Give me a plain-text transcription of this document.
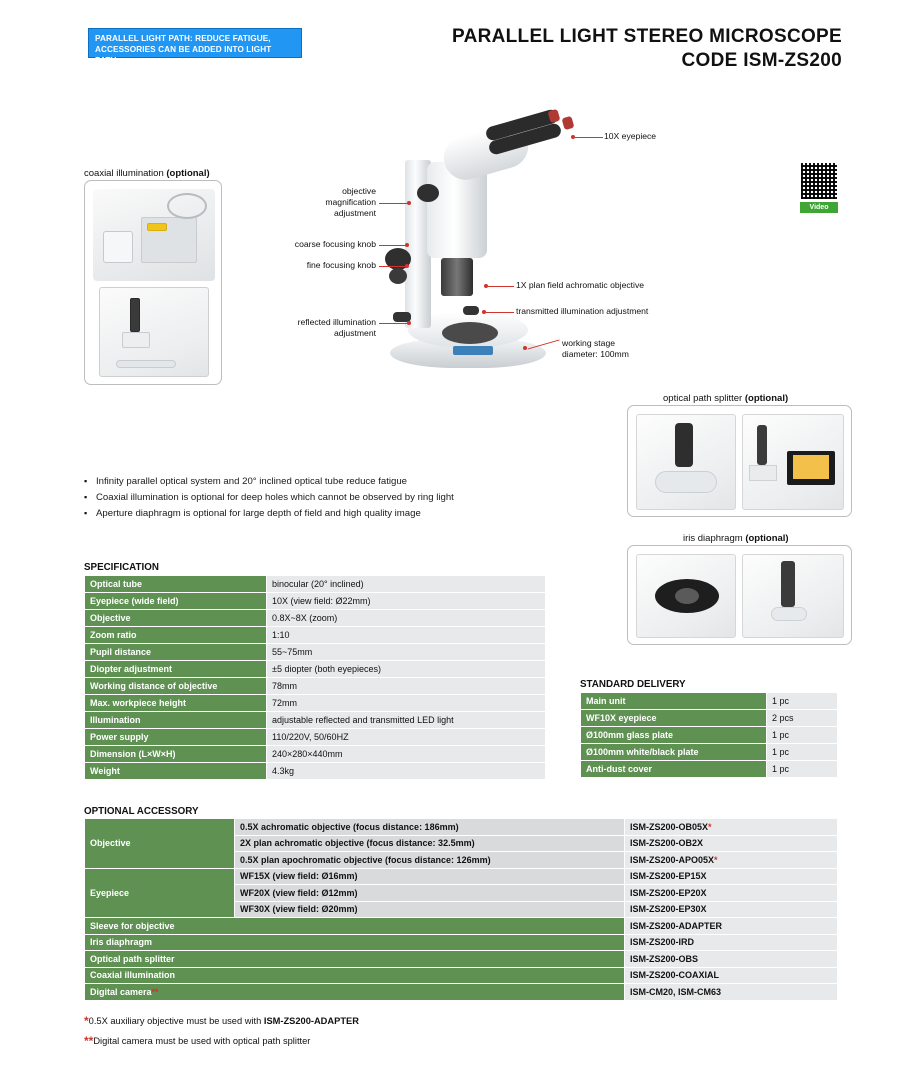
PARALLEL LIGHT PATH: REDUCE FATIGUE, ACCESSORIES CAN BE ADDED INTO LIGHT PATH
PARALLEL LIGHT STEREO MICROSCOPE
CODE ISM-ZS200
Video
coaxial illumination (optional)
10X eyepiece
objective magnification adjustment
coarse focusing knob
fine focusing knob
1X plan field achromatic objective
transmitted illumination adjustment
reflected illumination adjustment
working stage diameter: 100mm
▪ Infinity parallel optical system and 20° inclined optical tube reduce fatigue
▪ Coaxial illumination is optional for deep holes which cannot be observed by ring light
▪ Aperture diaphragm is optional for large depth of field and high quality image
optical path splitter (optional)
iris diaphragm (optional)
SPECIFICATION
Optical tube	binocular (20° inclined)
Eyepiece (wide field)	10X (view field: Ø22mm)
Objective	0.8X~8X (zoom)
Zoom ratio	1:10
Pupil distance	55~75mm
Diopter adjustment	±5 diopter (both eyepieces)
Working distance of objective	78mm
Max. workpiece height	72mm
Illumination	adjustable reflected and transmitted LED light
Power supply	110/220V, 50/60HZ
Dimension (L×W×H)	240×280×440mm
Weight	4.3kg
STANDARD DELIVERY
Main unit	1 pc
WF10X eyepiece	2 pcs
Ø100mm glass plate	1 pc
Ø100mm white/black plate	1 pc
Anti-dust cover	1 pc
OPTIONAL ACCESSORY
Objective	0.5X achromatic objective (focus distance: 186mm)	ISM-ZS200-OB05X*
	2X plan achromatic objective (focus distance: 32.5mm)	ISM-ZS200-OB2X
	0.5X plan apochromatic objective (focus distance: 126mm)	ISM-ZS200-APO05X*
Eyepiece	WF15X (view field: Ø16mm)	ISM-ZS200-EP15X
	WF20X (view field: Ø12mm)	ISM-ZS200-EP20X
	WF30X (view field: Ø20mm)	ISM-ZS200-EP30X
Sleeve for objective		ISM-ZS200-ADAPTER
Iris diaphragm		ISM-ZS200-IRD
Optical path splitter		ISM-ZS200-OBS
Coaxial illumination		ISM-ZS200-COAXIAL
Digital camera**		ISM-CM20, ISM-CM63
*0.5X auxiliary objective must be used with ISM-ZS200-ADAPTER
**Digital camera must be used with optical path splitter
